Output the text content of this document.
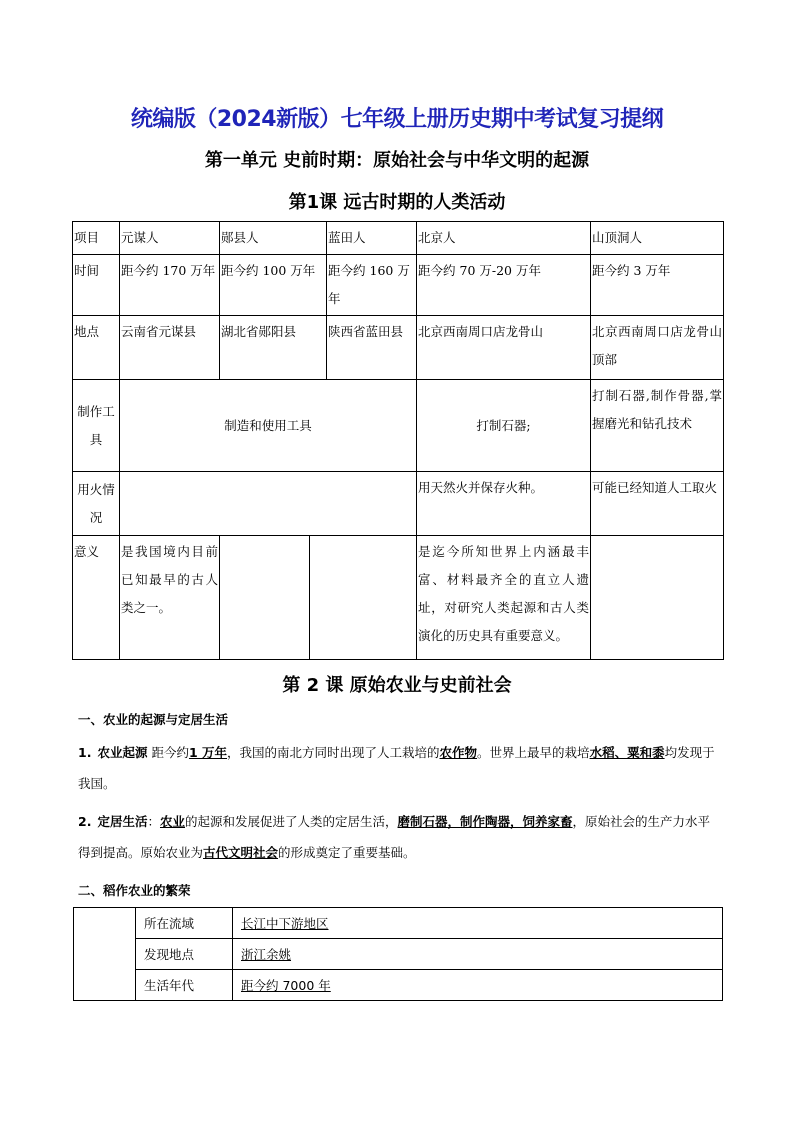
统编版（2024新版）七年级上册历史期中考试复习提纲
第一单元 史前时期：原始社会与中华文明的起源
第1课 远古时期的人类活动
项目	元谋人	郧县人		蓝田人	北京人	山顶洞人
时间	距今约 170 万年	距今约 100 万年		距今约 160 万年	距今约 70 万-20 万年	距今约 3 万年
地点	云南省元谋县	湖北省郧阳县		陕西省蓝田县	北京西南周口店龙骨山	北京西南周口店龙骨山顶部
制作工具	制造和使用工具				打制石器;	打制石器,制作骨器,掌握磨光和钻孔技术
用火情况					用天然火并保存火种。	可能已经知道人工取火
意义	是我国境内目前已知最早的古人类之一。				是迄今所知世界上内涵最丰富、材料最齐全的直立人遗址，对研究人类起源和古人类演化的历史具有重要意义。	
第 2 课 原始农业与史前社会
一、农业的起源与定居生活
1. 农业起源 距今约1 万年，我国的南北方同时出现了人工栽培的农作物。世界上最早的栽培水稻、粟和黍均发现于我国。
2. 定居生活：农业的起源和发展促进了人类的定居生活，磨制石器，制作陶器，饲养家畜，原始社会的生产力水平得到提高。原始农业为古代文明社会的形成奠定了重要基础。
二、稻作农业的繁荣
	所在流域	长江中下游地区
	发现地点	浙江余姚
	生活年代	距今约 7000 年
